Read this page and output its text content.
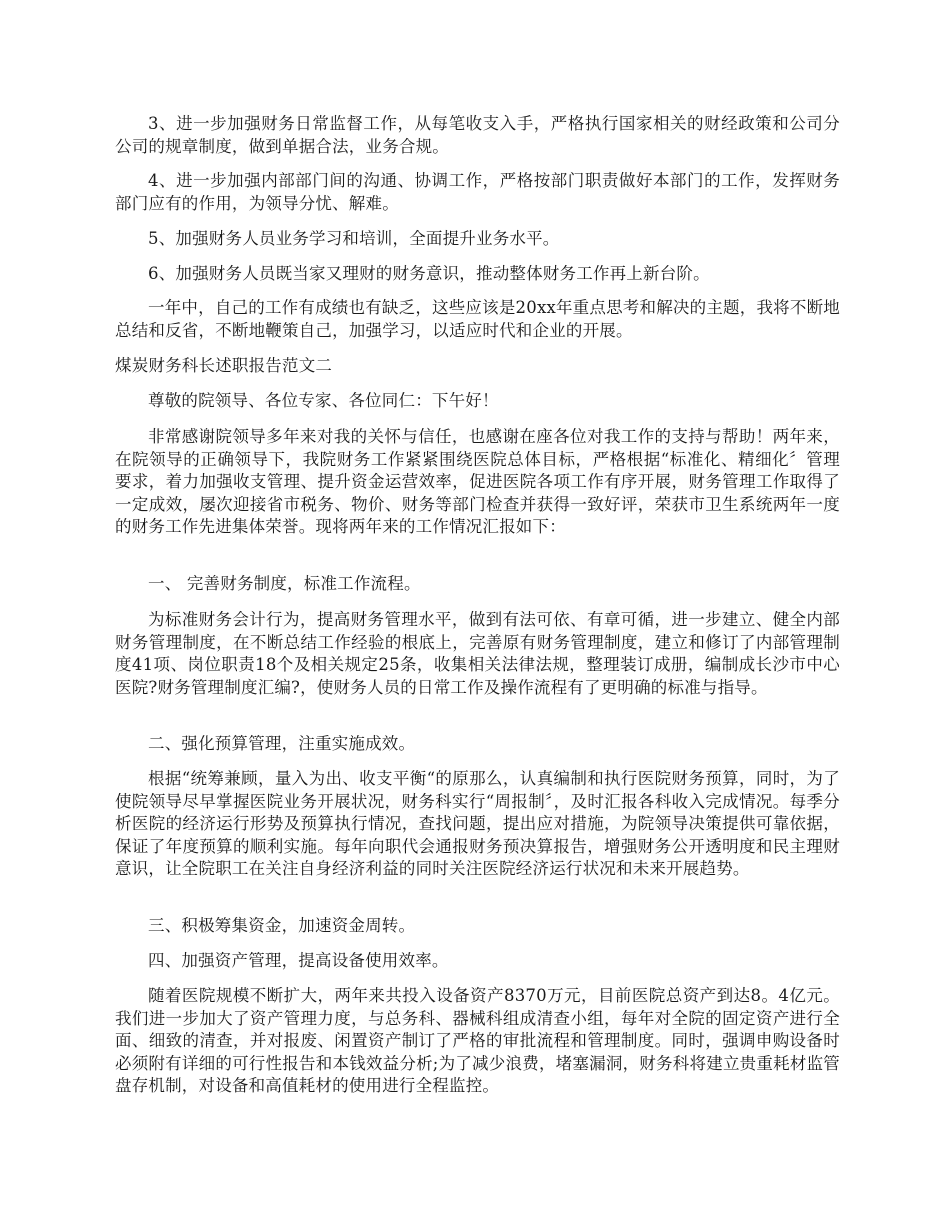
3、进一步加强财务日常监督工作，从每笔收支入手，严格执行国家相关的财经政策和公司分公司的规章制度，做到单据合法，业务合规。

4、进一步加强内部部门间的沟通、协调工作，严格按部门职责做好本部门的工作，发挥财务部门应有的作用，为领导分忧、解难。

5、加强财务人员业务学习和培训，全面提升业务水平。

6、加强财务人员既当家又理财的财务意识，推动整体财务工作再上新台阶。

一年中，自己的工作有成绩也有缺乏，这些应该是20xx年重点思考和解决的主题，我将不断地总结和反省，不断地鞭策自己，加强学习，以适应时代和企业的开展。

煤炭财务科长述职报告范文二

尊敬的院领导、各位专家、各位同仁：下午好！

非常感谢院领导多年来对我的关怀与信任，也感谢在座各位对我工作的支持与帮助！两年来，在院领导的正确领导下，我院财务工作紧紧围绕医院总体目标，严格根据“标准化、精细化〞管理要求，着力加强收支管理、提升资金运营效率，促进医院各项工作有序开展，财务管理工作取得了一定成效，屡次迎接省市税务、物价、财务等部门检查并获得一致好评，荣获市卫生系统两年一度的财务工作先进集体荣誉。现将两年来的工作情况汇报如下：

一、 完善财务制度，标准工作流程。

为标准财务会计行为，提高财务管理水平，做到有法可依、有章可循，进一步建立、健全内部财务管理制度，在不断总结工作经验的根底上，完善原有财务管理制度，建立和修订了内部管理制度41项、岗位职责18个及相关规定25条，收集相关法律法规，整理装订成册，编制成长沙市中心医院?财务管理制度汇编?，使财务人员的日常工作及操作流程有了更明确的标准与指导。

二、强化预算管理，注重实施成效。

根据“统筹兼顾，量入为出、收支平衡“的原那么，认真编制和执行医院财务预算，同时，为了使院领导尽早掌握医院业务开展状况，财务科实行“周报制〞，及时汇报各科收入完成情况。每季分析医院的经济运行形势及预算执行情况，查找问题，提出应对措施，为院领导决策提供可靠依据，保证了年度预算的顺利实施。每年向职代会通报财务预决算报告，增强财务公开透明度和民主理财意识，让全院职工在关注自身经济利益的同时关注医院经济运行状况和未来开展趋势。

三、积极筹集资金，加速资金周转。

四、加强资产管理，提高设备使用效率。

随着医院规模不断扩大，两年来共投入设备资产8370万元，目前医院总资产到达8。4亿元。我们进一步加大了资产管理力度，与总务科、器械科组成清查小组，每年对全院的固定资产进行全面、细致的清查，并对报废、闲置资产制订了严格的审批流程和管理制度。同时，强调申购设备时必须附有详细的可行性报告和本钱效益分析;为了减少浪费，堵塞漏洞，财务科将建立贵重耗材监管盘存机制，对设备和高值耗材的使用进行全程监控。
